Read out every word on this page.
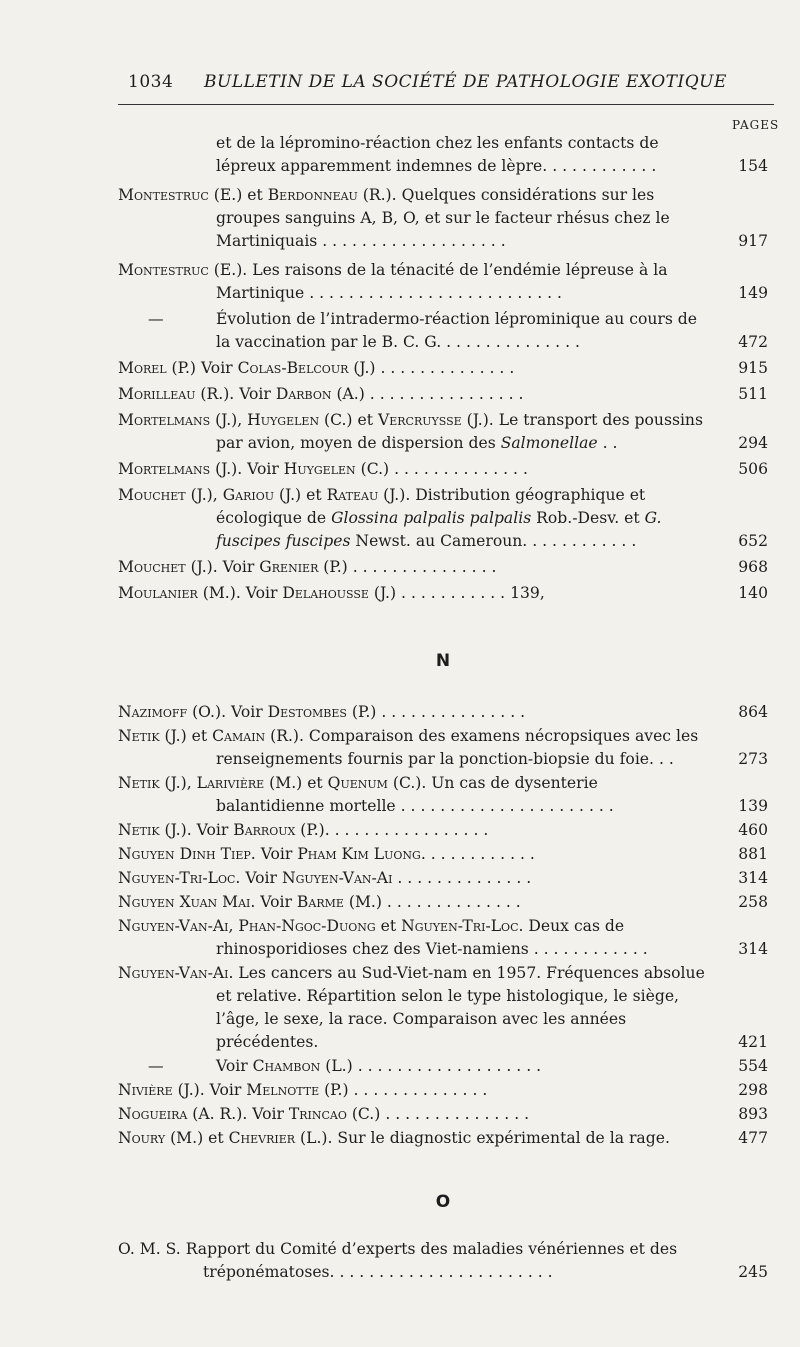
1034 BULLETIN DE LA SOCIÉTÉ DE PATHOLOGIE EXOTIQUE
PAGES

et de la lépromino-réaction chez les enfants contacts de lépreux apparemment indemnes de lèpre. . . . . . . . . . . .	154

Montestruc (E.) et Berdonneau (R.). Quelques considérations sur les groupes sanguins A, B, O, et sur le facteur rhésus chez le Martiniquais . . . . . . . . . . . . . . . . . . .	917

Montestruc (E.). Les raisons de la ténacité de l’endémie lépreuse à la Martinique . . . . . . . . . . . . . . . . . . . . . . . . . .	149

—	Évolution de l’intradermo-réaction léprominique au cours de la vaccination par le B. C. G. . . . . . . . . . . . . . .	472

Morel (P.) Voir Colas-Belcour (J.) . . . . . . . . . . . . . .	915

Morilleau (R.). Voir Darbon (A.) . . . . . . . . . . . . . . . .	511

Mortelmans (J.), Huygelen (C.) et Vercruysse (J.). Le transport des poussins par avion, moyen de dispersion des Salmonellae . .	294

Mortelmans (J.). Voir Huygelen (C.) . . . . . . . . . . . . . .	506

Mouchet (J.), Gariou (J.) et Rateau (J.). Distribution géographique et écologique de Glossina palpalis palpalis Rob.-Desv. et G. fuscipes fuscipes Newst. au Cameroun. . . . . . . . . . . .	652

Mouchet (J.). Voir Grenier (P.) . . . . . . . . . . . . . . .	968

Moulanier (M.). Voir Delahousse (J.) . . . . . . . . . . . 139,	140

N

Nazimoff (O.). Voir Destombes (P.) . . . . . . . . . . . . . . .	864

Netik (J.) et Camain (R.). Comparaison des examens nécropsiques avec les renseignements fournis par la ponction-biopsie du foie. . .	273

Netik (J.), Larivière (M.) et Quenum (C.). Un cas de dysenterie balantidienne mortelle . . . . . . . . . . . . . . . . . . . . . .	139

Netik (J.). Voir Barroux (P.). . . . . . . . . . . . . . . . .	460

Nguyen Dinh Tiep. Voir Pham Kim Luong. . . . . . . . . . . .	881

Nguyen-Tri-Loc. Voir Nguyen-Van-Ai . . . . . . . . . . . . . .	314

Nguyen Xuan Mai. Voir Barme (M.) . . . . . . . . . . . . . .	258

Nguyen-Van-Ai, Phan-Ngoc-Duong et Nguyen-Tri-Loc. Deux cas de rhinosporidioses chez des Viet-namiens . . . . . . . . . . . .	314

Nguyen-Van-Ai. Les cancers au Sud-Viet-nam en 1957. Fréquences absolue et relative. Répartition selon le type histologique, le siège, l’âge, le sexe, la race. Comparaison avec les années précédentes.	421

—	Voir Chambon (L.) . . . . . . . . . . . . . . . . . . .	554

Nivière (J.). Voir Melnotte (P.) . . . . . . . . . . . . . .	298

Nogueira (A. R.). Voir Trincao (C.) . . . . . . . . . . . . . . .	893

Noury (M.) et Chevrier (L.). Sur le diagnostic expérimental de la rage.	477

O

O. M. S. Rapport du Comité d’experts des maladies vénériennes et des tréponématoses. . . . . . . . . . . . . . . . . . . . . . .	245
